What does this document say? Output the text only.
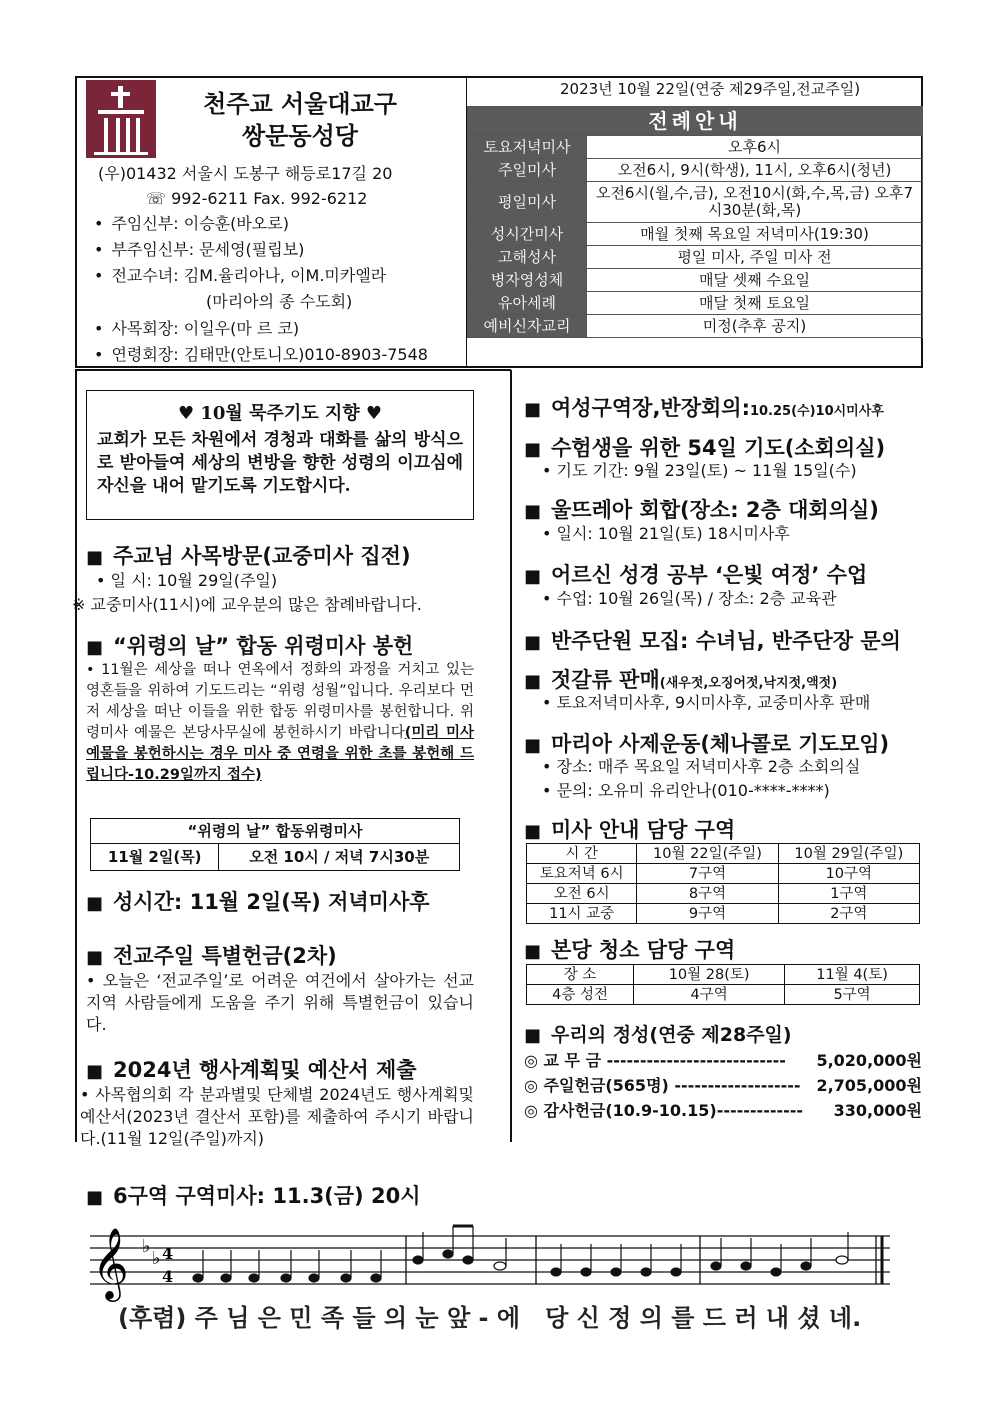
천주교 서울대교구
쌍문동성당
(우)01432 서울시 도봉구 해등로17길 20
☏ 992-6211 Fax. 992-6212
• 주임신부: 이승훈(바오로)
• 부주임신부: 문세영(필립보)
• 전교수녀: 김M.율리아나, 이M.미카엘라
(마리아의 종 수도회)
• 사목회장: 이일우(마 르 코)
• 연령회장: 김태만(안토니오)010-8903-7548
2023년 10월 22일(연중 제29주일,전교주일)
전례안내	
토요저녁미사	오후6시
주일미사	오전6시, 9시(학생), 11시, 오후6시(청년)
평일미사	오전6시(월,수,금), 오전10시(화,수,목,금) 오후7시30분(화,목)
성시간미사	매월 첫째 목요일 저녁미사(19:30)
고해성사	평일 미사, 주일 미사 전
병자영성체	매달 셋째 수요일
유아세례	매달 첫째 토요일
예비신자교리	미정(추후 공지)
♥ 10월 묵주기도 지향 ♥
교회가 모든 차원에서 경청과 대화를 삶의 방식으로 받아들여 세상의 변방을 향한 성령의 이끄심에 자신을 내어 맡기도록 기도합시다.
■ 주교님 사목방문(교중미사 집전)
• 일 시: 10월 29일(주일)
※ 교중미사(11시)에 교우분의 많은 참례바랍니다.
■ “위령의 날” 합동 위령미사 봉헌
• 11월은 세상을 떠나 연옥에서 정화의 과정을 거치고 있는 영혼들을 위하여 기도드리는 “위령 성월”입니다. 우리보다 먼저 세상을 떠난 이들을 위한 합동 위령미사를 봉헌합니다. 위령미사 예물은 본당사무실에 봉헌하시기 바랍니다(미리 미사예물을 봉헌하시는 경우 미사 중 연령을 위한 초를 봉헌해 드립니다-10.29일까지 접수)
“위령의 날” 합동위령미사
11월 2일(목)	오전 10시 / 저녁 7시30분
■ 성시간: 11월 2일(목) 저녁미사후
■ 전교주일 특별헌금(2차)
• 오늘은 ‘전교주일’로 어려운 여건에서 살아가는 선교지역 사람들에게 도움을 주기 위해 특별헌금이 있습니다.
■ 2024년 행사계획및 예산서 제출
• 사목협의회 각 분과별및 단체별 2024년도 행사계획및 예산서(2023년 결산서 포함)를 제출하여 주시기 바랍니다.(11월 12일(주일)까지)
■ 6구역 구역미사: 11.3(금) 20시
■ 여성구역장,반장회의:10.25(수)10시미사후
■ 수험생을 위한 54일 기도(소회의실)
• 기도 기간: 9월 23일(토) ~ 11월 15일(수)
■ 울뜨레아 회합(장소: 2층 대회의실)
• 일시: 10월 21일(토) 18시미사후
■ 어르신 성경 공부 ‘은빛 여정’ 수업
• 수업: 10월 26일(목) / 장소: 2층 교육관
■ 반주단원 모집: 수녀님, 반주단장 문의
■ 젓갈류 판매(새우젓,오징어젓,낙지젓,액젓)
• 토요저녁미사후, 9시미사후, 교중미사후 판매
■ 마리아 사제운동(체나콜로 기도모임)
• 장소: 매주 목요일 저녁미사후 2층 소회의실
• 문의: 오유미 유리안나(010-****-****)
■ 미사 안내 담당 구역
시 간	10월 22일(주일)	10월 29일(주일)
토요저녁 6시	7구역	10구역
오전 6시	8구역	1구역
11시 교중	9구역	2구역
■ 본당 청소 담당 구역
장 소	10월 28(토)	11월 4(토)
4층 성전	4구역	5구역
■ 우리의 정성(연중 제28주일)
◎ 교 무 금 --------------------------- 5,020,000원
◎ 주일헌금(565명) ------------------- 2,705,000원
◎ 감사헌금(10.9-10.15)------------- 330,000원
𝄞 ♭
♭ 4
4
(후렴) 주 님 은 민 족 들 의 눈 앞 - 에   당 신 정 의 를 드 러 내 셨 네.
